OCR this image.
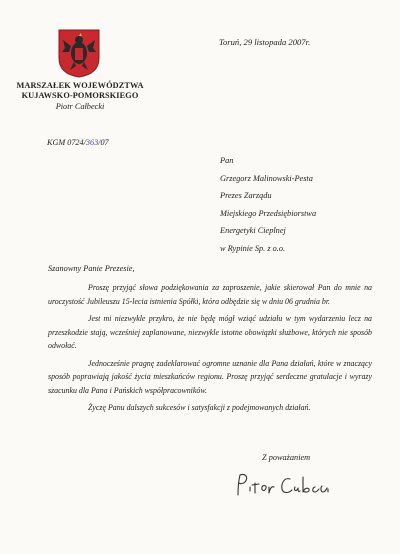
MARSZAŁEK WOJEWÓDZTWA
KUJAWSKO-POMORSKIEGO
Piotr Całbecki
Toruń, 29 listopada 2007r.
KGM 0724/363/07
Pan
Grzegorz Malinowski-Pesta
Prezes Zarządu
Miejskiego Przedsiębiorstwa
Energetyki Cieplnej
w Rypinie Sp. z o.o.
Szanowny Panie Prezesie,

Proszę przyjąć słowa podziękowania za zaproszenie, jakie skierował Pan do mnie na uroczystość Jubileuszu 15-lecia istnienia Spółki, która odbędzie się w dniu 06 grudnia br.

Jest mi niezwykle przykro, że nie będę mógł wziąć udziału w tym wydarzeniu lecz na przeszkodzie stają, wcześniej zaplanowane, niezwykle istotne obowiązki służbowe, których nie sposób odwołać.

Jednocześnie pragnę zadeklarować ogromne uznanie dla Pana działań, które w znaczący sposób poprawiają jakość życia mieszkańców regionu. Proszę przyjąć serdeczne gratulacje i wyrazy szacunku dla Pana i Pańskich współpracowników.

Życzę Panu dalszych sukcesów i satysfakcji z podejmowanych działań.

Z poważaniem
